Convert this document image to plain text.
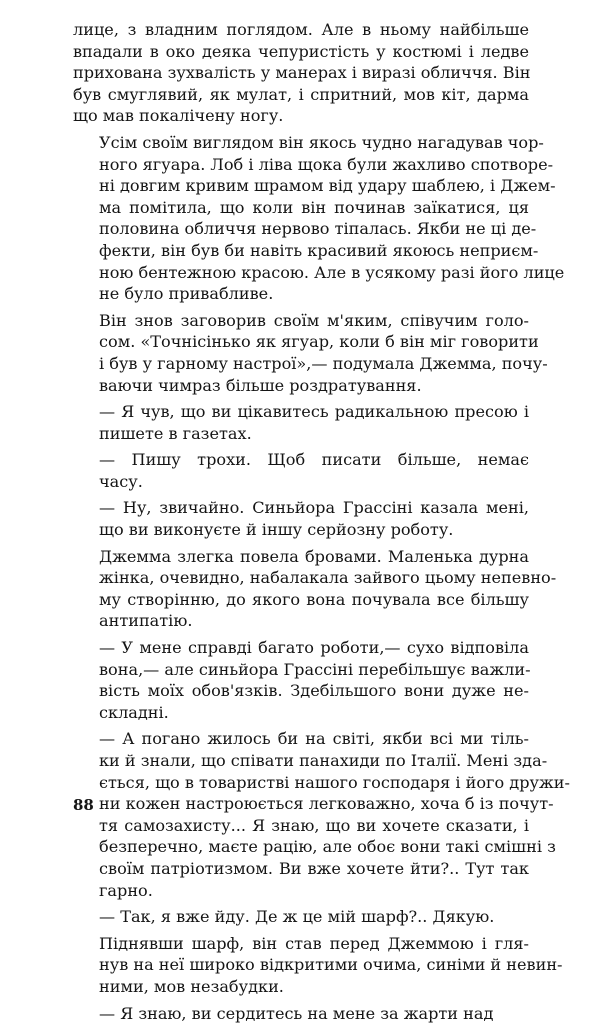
лице, з владним поглядом. Але в ньому найбільше
впадали в око деяка чепуристість у костюмі і ледве
прихована зухвалість у манерах і виразі обличчя. Він
був смуглявий, як мулат, і спритний, мов кіт, дарма
що мав покалічену ногу.
Усім своїм виглядом він якось чудно нагадував чор-
ного ягуара. Лоб і ліва щока були жахливо спотворе-
ні довгим кривим шрамом від удару шаблею, і Джем-
ма помітила, що коли він починав заїкатися, ця
половина обличчя нервово тіпалась. Якби не ці де-
фекти, він був би навіть красивий якоюсь неприєм-
ною бентежною красою. Але в усякому разі його лице
не було привабливе.
Він знов заговорив своїм м'яким, співучим голо-
сом. «Точнісінько як ягуар, коли б він міг говорити
і був у гарному настрої»,— подумала Джемма, почу-
ваючи чимраз більше роздратування.
— Я чув, що ви цікавитесь радикальною пресою і
пишете в газетах.
— Пишу трохи. Щоб писати більше, немає
часу.
— Ну, звичайно. Синьйора Грассіні казала мені,
що ви виконуєте й іншу серйозну роботу.
Джемма злегка повела бровами. Маленька дурна
жінка, очевидно, набалакала зайвого цьому непевно-
му створінню, до якого вона почувала все більшу
антипатію.
— У мене справді багато роботи,— сухо відповіла
вона,— але синьйора Грассіні перебільшує важли-
вість моїх обов'язків. Здебільшого вони дуже не-
складні.
— А погано жилось би на світі, якби всі ми тіль-
ки й знали, що співати панахиди по Італії. Мені зда-
ється, що в товаристві нашого господаря і його дружи-
ни кожен настроюється легковажно, хоча б із почут-
тя самозахисту... Я знаю, що ви хочете сказати, і
безперечно, маєте рацію, але обоє вони такі смішні з
своїм патріотизмом. Ви вже хочете йти?.. Тут так
гарно.
— Так, я вже йду. Де ж це мій шарф?.. Дякую.
Піднявши шарф, він став перед Джеммою і гля-
нув на неї широко відкритими очима, синіми й невин-
ними, мов незабудки.
— Я знаю, ви сердитесь на мене за жарти над
88
